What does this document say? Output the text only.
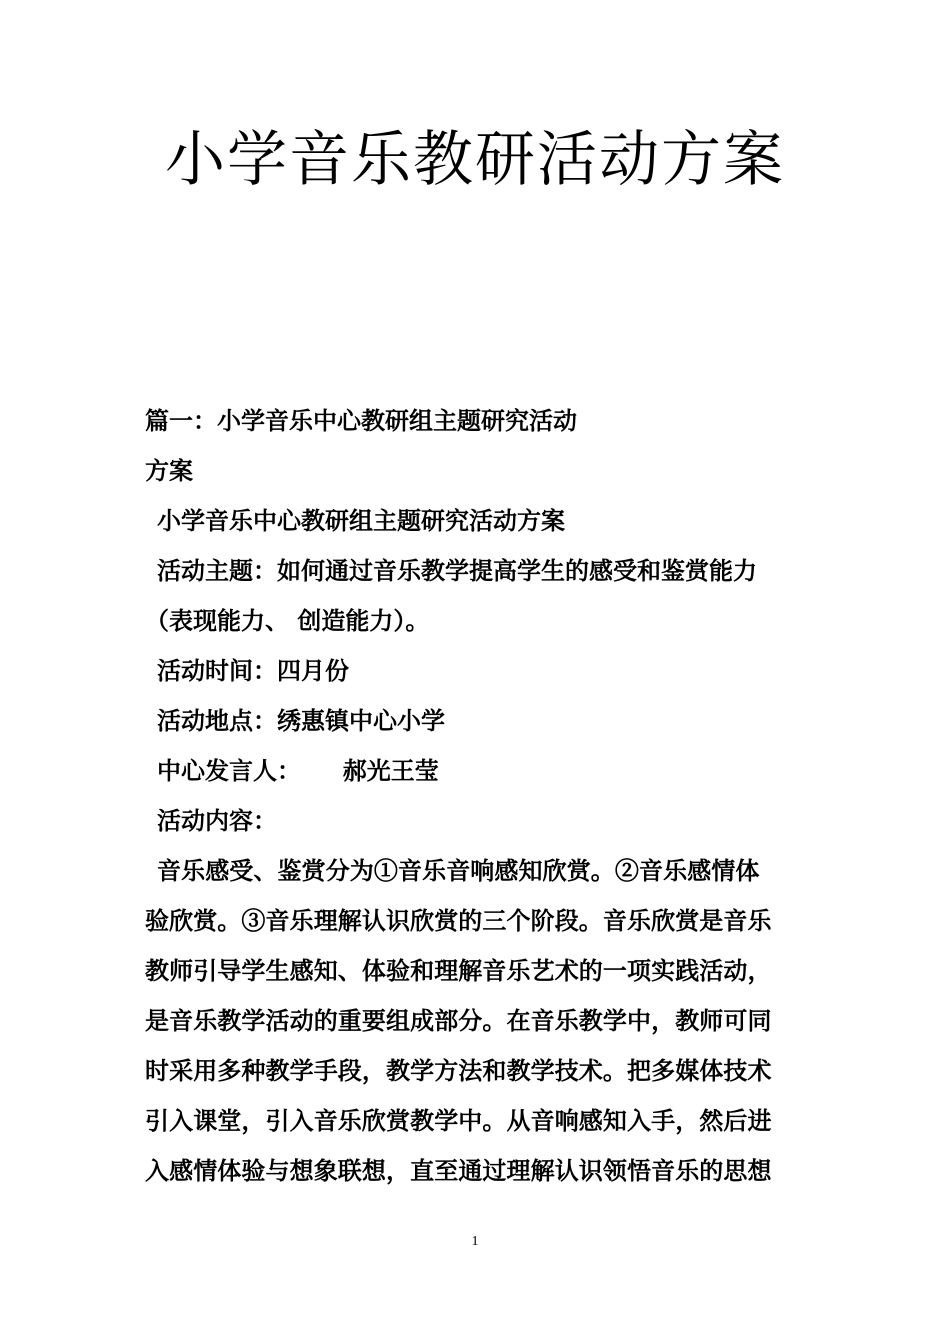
小学音乐教研活动方案

篇一：小学音乐中心教研组主题研究活动

方案

小学音乐中心教研组主题研究活动方案

活动主题：如何通过音乐教学提高学生的感受和鉴赏能力

（表现能力、 创造能力）。

活动时间：四月份

活动地点：绣惠镇中心小学

中心发言人：     郝光王莹

活动内容：

音乐感受、鉴赏分为①音乐音响感知欣赏。②音乐感情体

验欣赏。③音乐理解认识欣赏的三个阶段。音乐欣赏是音乐

教师引导学生感知、体验和理解音乐艺术的一项实践活动，

是音乐教学活动的重要组成部分。在音乐教学中，教师可同

时采用多种教学手段，教学方法和教学技术。把多媒体技术

引入课堂，引入音乐欣赏教学中。从音响感知入手，然后进

入感情体验与想象联想，直至通过理解认识领悟音乐的思想

1
